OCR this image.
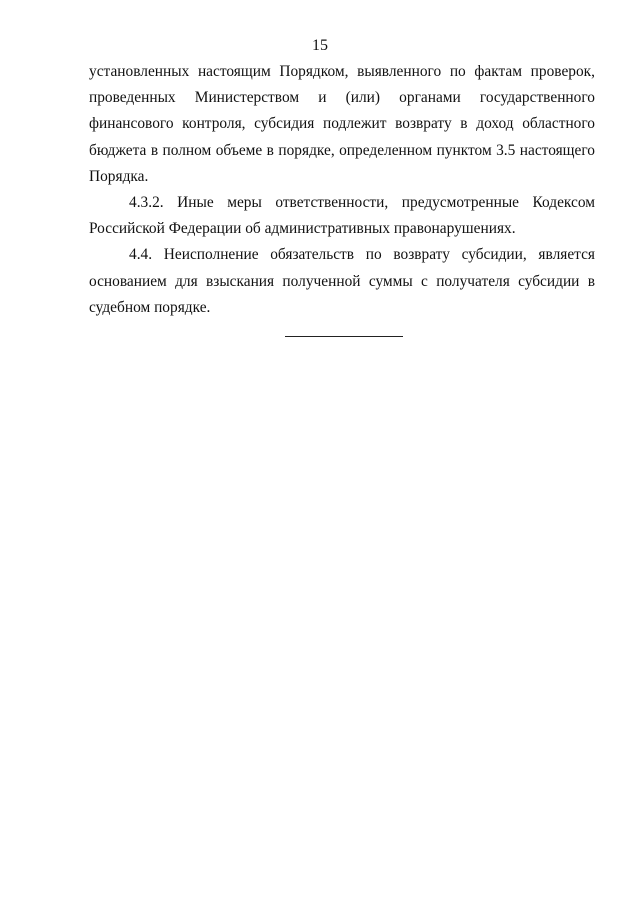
15

установленных настоящим Порядком, выявленного по фактам проверок, проведенных Министерством и (или) органами государственного финансового контроля, субсидия подлежит возврату в доход областного бюджета в полном объеме в порядке, определенном пунктом 3.5 настоящего Порядка.

4.3.2. Иные меры ответственности, предусмотренные Кодексом Российской Федерации об административных правонарушениях.

4.4. Неисполнение обязательств по возврату субсидии, является основанием для взыскания полученной суммы с получателя субсидии в судебном порядке.
